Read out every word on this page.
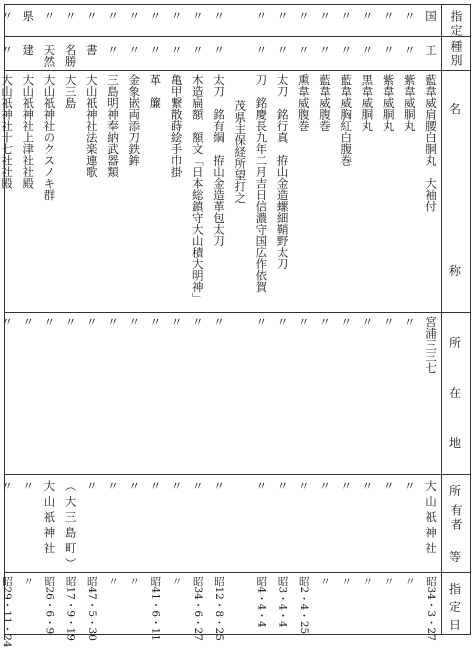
指定
種別
名
称
所
在
地
所
有者
等
指
定
日
国
工
藍韋威肩腰白胴丸　大袖付
宮浦三三七
大山祇神社
昭34・3・27
〃
〃
紫韋威胴丸
〃
〃
〃
〃
〃
紫韋威胴丸
〃
〃
〃
〃
〃
黒韋威胴丸
〃
〃
〃
〃
〃
藍韋威胸紅白腹巻
〃
〃
〃
〃
〃
藍韋威腹巻
〃
〃
〃
〃
〃
熏韋威腹巻
〃
〃
昭2・4・25
〃
〃
太刀　銘行真　拵山金造螺細鞘野太刀
〃
〃
昭3・4・4
〃
〃
刀　銘慶長九年二月吉日信濃守国広作依賀
茂県主保経所望打之
〃
〃
昭4・4・4
〃
〃
太刀　銘有綱　拵山金造革包太刀
〃
〃
昭12・8・25
〃
〃
木造扁額　額文「日本総鎮守大山積大明神」
〃
〃
昭34・6・27
〃
〃
亀甲繋散蒔絵手巾掛
〃
〃
〃
〃
〃
革　簾
〃
〃
昭41・6・11
〃
〃
金象嵌両添刀鉄鉾
〃
〃
〃
〃
〃
三島明神奉納武器類
〃
〃
〃
〃
書
大山祇神社法楽連歌
〃
〃
昭47・5・30
〃
名勝
大三島
〃
（大三島町）
昭17・9・19
〃
天然
大山祇神社のクスノキ群
〃
大山祇神社
昭26・6・9
県
建
大山祇神社上津社社殿
〃
〃
〃
〃
〃
大山祇神社十七社社殿
〃
〃
昭29・11・24
